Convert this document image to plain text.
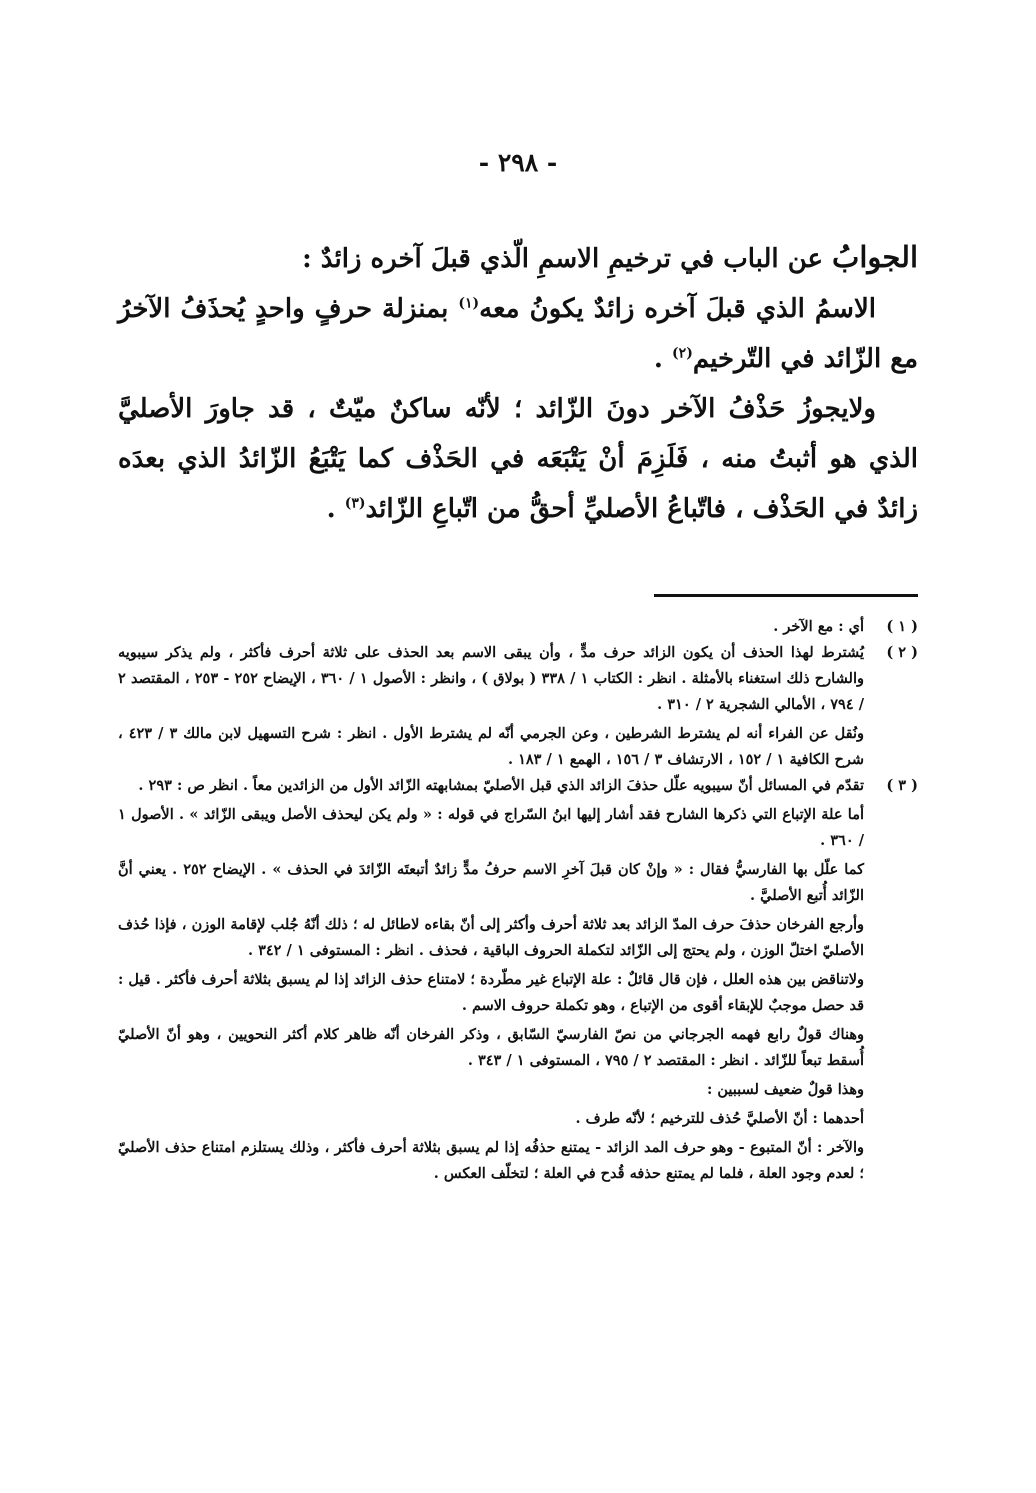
- ٢٩٨ -

الجوابُ عن الباب في ترخيمِ الاسمِ الّذي قبلَ آخره زائدٌ :

الاسمُ الذي قبلَ آخره زائدٌ يكونُ معه$^{(١)}$ بمنزلة حرفٍ واحدٍ يُحذَفُ الآخرُ مع الزّائد في التّرخيم$^{(٢)}$ .

ولايجوزُ حَذْفُ الآخر دونَ الزّائد ؛ لأنّه ساكنٌ ميّتٌ ، قد جاورَ الأصليَّ الذي هو أثبتُ منه ، فَلَزِمَ أنْ يَتْبَعَه في الحَذْف كما يَتْبَعُ الزّائدُ الذي بعدَه زائدٌ في الحَذْف ، فاتّباعُ الأصليِّ أحقُّ من اتّباعِ الزّائد$^{(٣)}$ .

( ١ )

أي : مع الآخر .

( ٢ )

يُشترط لهذا الحذف أن يكون الزائد حرف مدٍّ ، وأن يبقى الاسم بعد الحذف على ثلاثة أحرف فأكثر ، ولم يذكر سيبويه والشارح ذلك استغناء بالأمثلة . انظر : الكتاب ١ / ٣٣٨ ( بولاق ) ، وانظر : الأصول ١ / ٣٦٠ ، الإيضاح ٢٥٢ - ٢٥٣ ، المقتصد ٢ / ٧٩٤ ، الأمالي الشجرية ٢ / ٣١٠ .

ونُقل عن الفراء أنه لم يشترط الشرطين ، وعن الجرمي أنّه لم يشترط الأول . انظر : شرح التسهيل لابن مالك ٣ / ٤٢٣ ، شرح الكافية ١ / ١٥٢ ، الارتشاف ٣ / ١٥٦ ، الهمع ١ / ١٨٣ .

( ٣ )

تقدّم في المسائل أنّ سيبويه علّل حذفَ الزائد الذي قبل الأصليّ بمشابهته الزّائد الأول من الزائدين معاً . انظر ص : ٢٩٣ .

أما علة الإتباع التي ذكرها الشارح فقد أشار إليها ابنُ السّراج في قوله : « ولم يكن ليحذف الأصل ويبقى الزّائد » . الأصول ١ / ٣٦٠ .

كما علّل بها الفارسيُّ فقال : « وإنْ كان قبلَ آخرِ الاسم حرفُ مدٍّ زائدٌ أتبعتَه الزّائدَ في الحذف » . الإيضاح ٢٥٢ . يعني أنَّ الزّائد أُتبع الأصليَّ .

وأرجع الفرخان حذفَ حرف المدّ الزائد بعد ثلاثة أحرف وأكثر إلى أنّ بقاءه لاطائل له ؛ ذلك أنّهُ جُلب لإقامة الوزن ، فإذا حُذف الأصليّ اختلّ الوزن ، ولم يحتج إلى الزّائد لتكملة الحروف الباقية ، فحذف . انظر : المستوفى ١ / ٣٤٢ .

ولاتناقض بين هذه العلل ، فإن قال قائلٌ : علة الإتباع غير مطّردة ؛ لامتناع حذف الزائد إذا لم يسبق بثلاثة أحرف فأكثر . قيل : قد حصل موجبٌ للإبقاء أقوى من الإتباع ، وهو تكملة حروف الاسم .

وهناك قولٌ رابع فهمه الجرجاني من نصّ الفارسيّ السّابق ، وذكر الفرخان أنّه ظاهر كلام أكثر النحويين ، وهو أنّ الأصليّ أُسقط تبعاً للزّائد . انظر : المقتصد ٢ / ٧٩٥ ، المستوفى ١ / ٣٤٣ .

وهذا قولٌ ضعيف لسببين :

أحدهما : أنّ الأصليَّ حُذف للترخيم ؛ لأنّه طرف .

والآخر : أنّ المتبوع - وهو حرف المد الزائد - يمتنع حذفُه إذا لم يسبق بثلاثة أحرف فأكثر ، وذلك يستلزم امتناع حذف الأصليّ ؛ لعدم وجود العلة ، فلما لم يمتنع حذفه قُدح في العلة ؛ لتخلّف العكس .
